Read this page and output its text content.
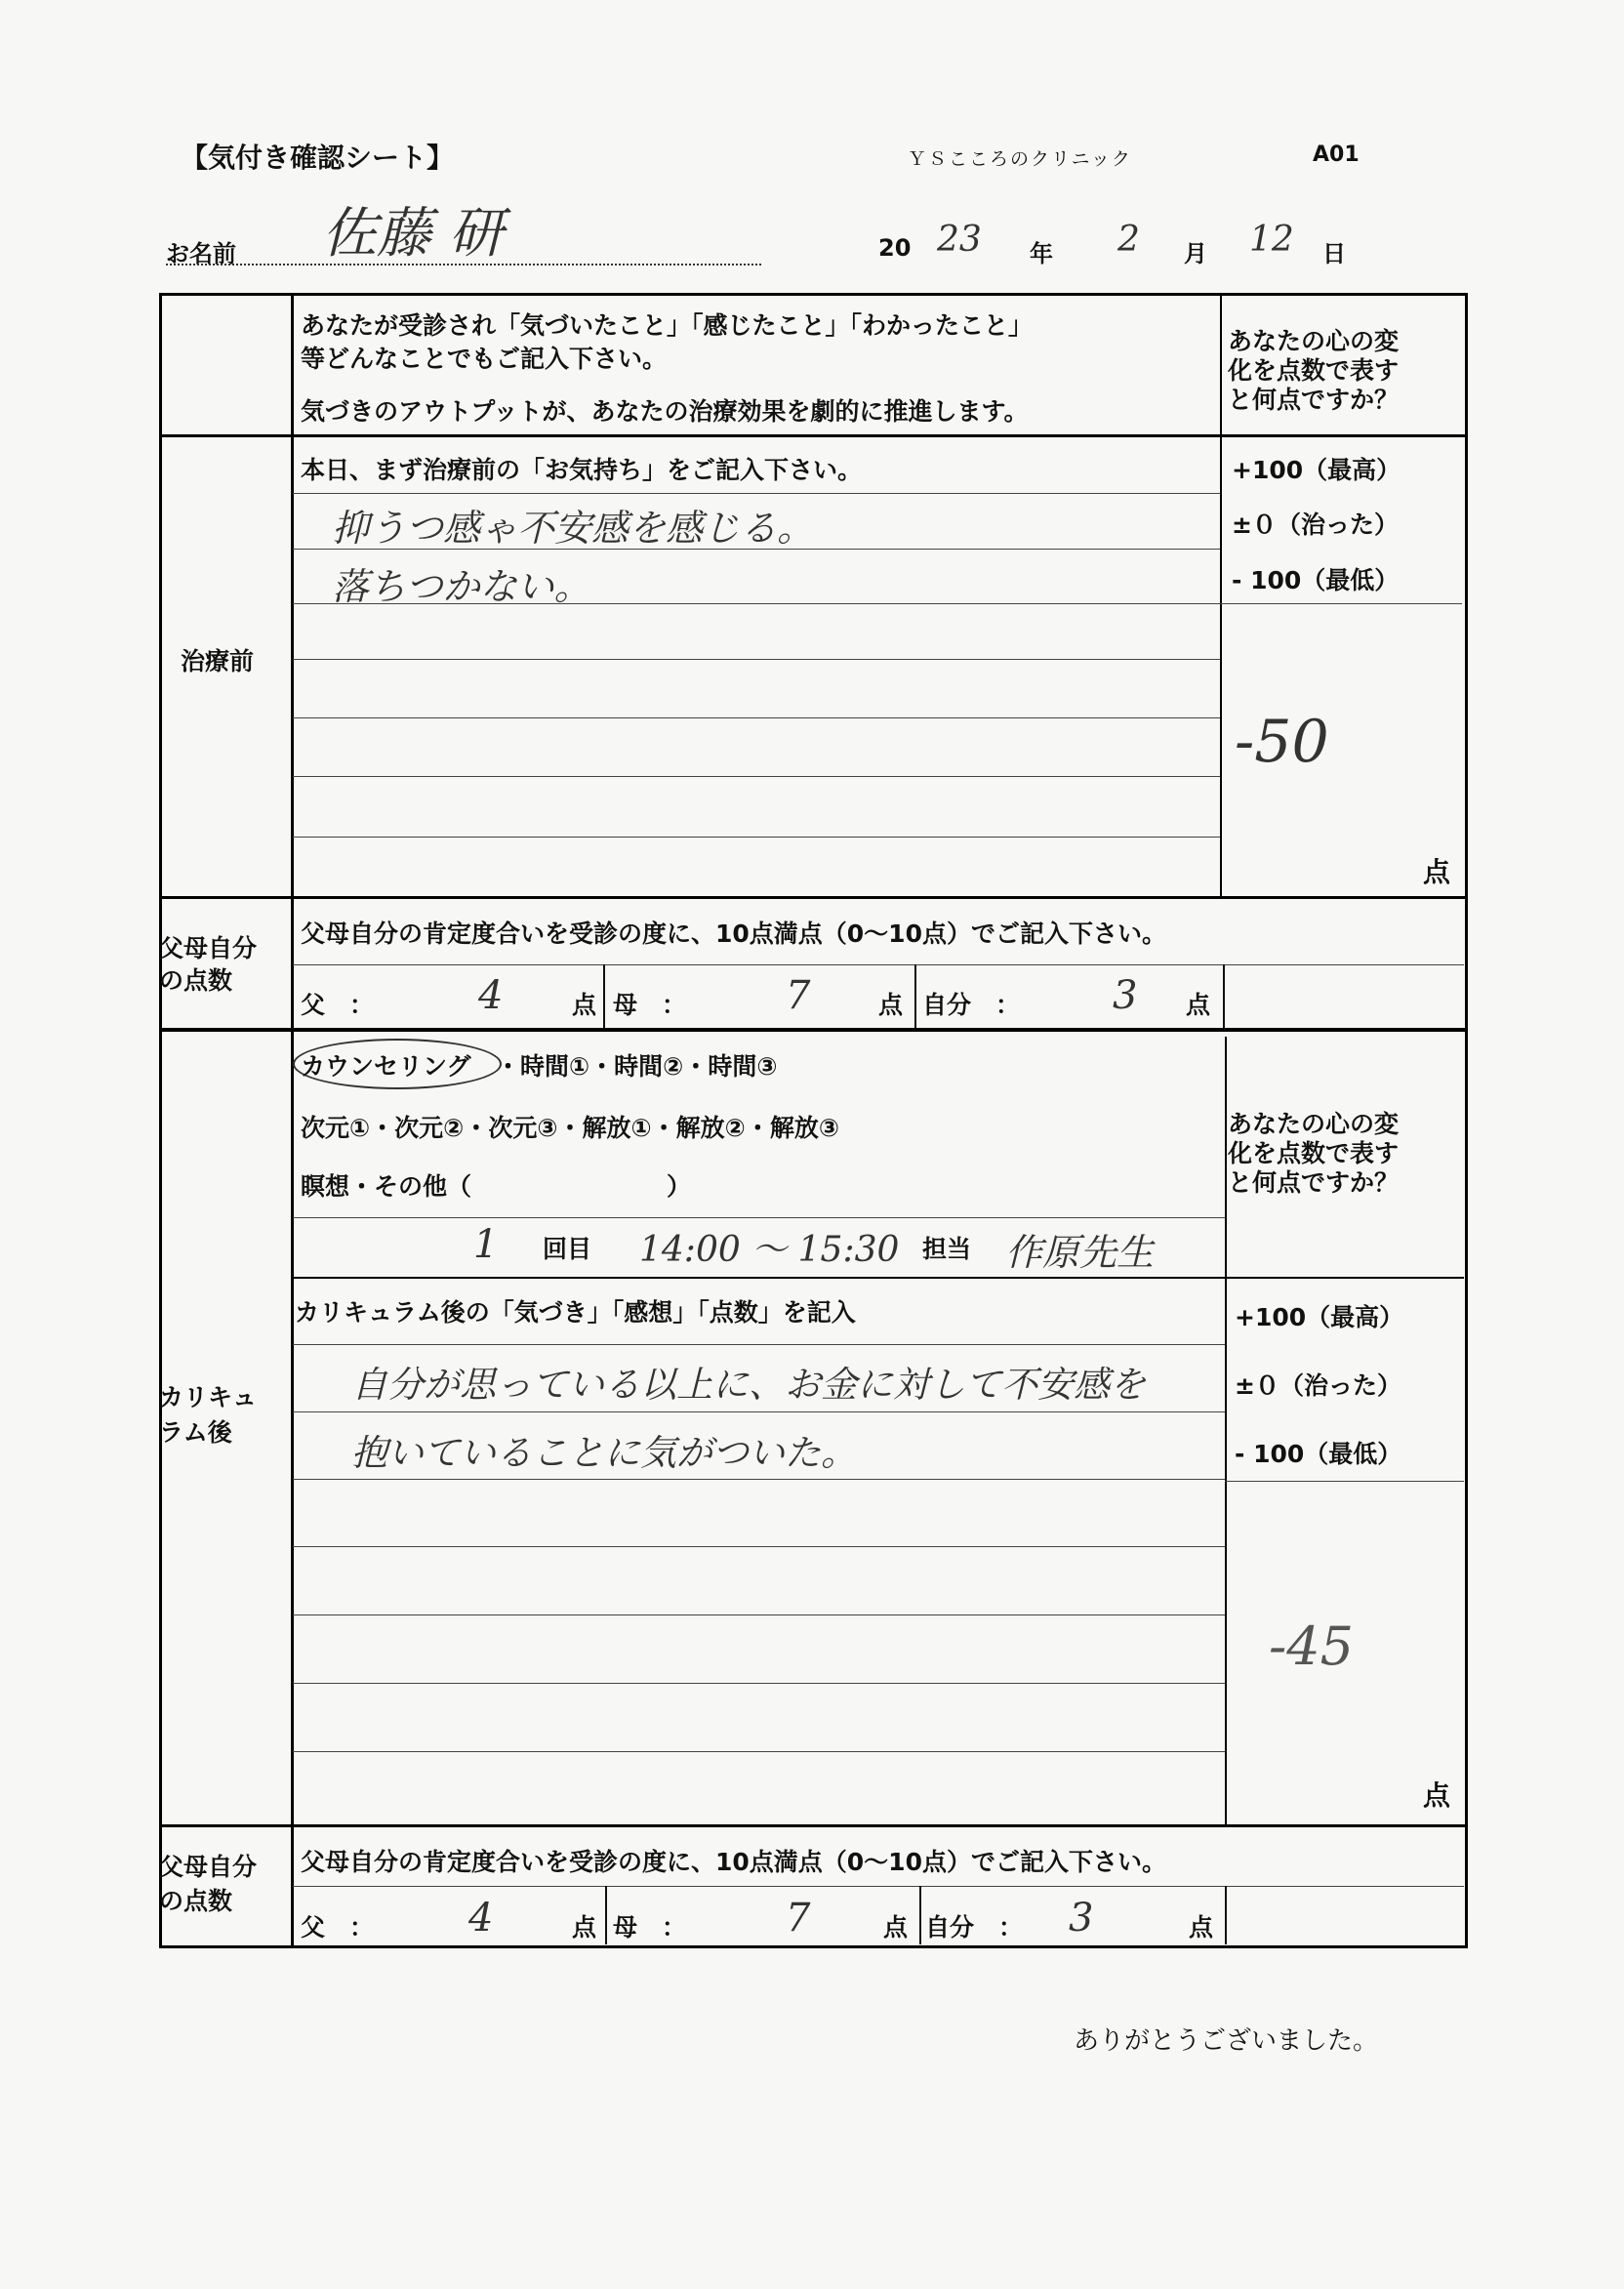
【気付き確認シート】	ＹＳこころのクリニック	A01
お名前 佐藤 研	20 23 年 2 月 12 日
あなたが受診され「気づいたこと」「感じたこと」「わかったこと」
等どんなことでもご記入下さい。
気づきのアウトプットが、あなたの治療効果を劇的に推進します。
あなたの心の変
化を点数で表す
と何点ですか？
治療前
本日、まず治療前の「お気持ち」をご記入下さい。
抑うつ感ゃ不安感を感じる。
落ちつかない。
+100（最高）
±０（治った）
- 100（最低）
-50
点
父母自分
の点数
父母自分の肯定度合いを受診の度に、10点満点（0～10点）でご記入下さい。
父　：	4	点 母　：	7	点 自分　： 3 点
カウンセリング ・時間①・時間②・時間③
次元①・次元②・次元③・解放①・解放②・解放③
瞑想・その他（　　　　　　　　）
あなたの心の変
化を点数で表す
と何点ですか？
1 回目 14:00 ～ 15:30 担当 作原先生
カリキュ
ラム後
カリキュラム後の「気づき」「感想」「点数」を記入
自分が思っている以上に、お金に対して不安感を
抱いていることに気がついた。
+100（最高）
±０（治った）
- 100（最低）
-45
点
父母自分
の点数
父母自分の肯定度合いを受診の度に、10点満点（0～10点）でご記入下さい。
父　： 4	点 母　：	7	点 自分　： 3	点
ありがとうございました。
